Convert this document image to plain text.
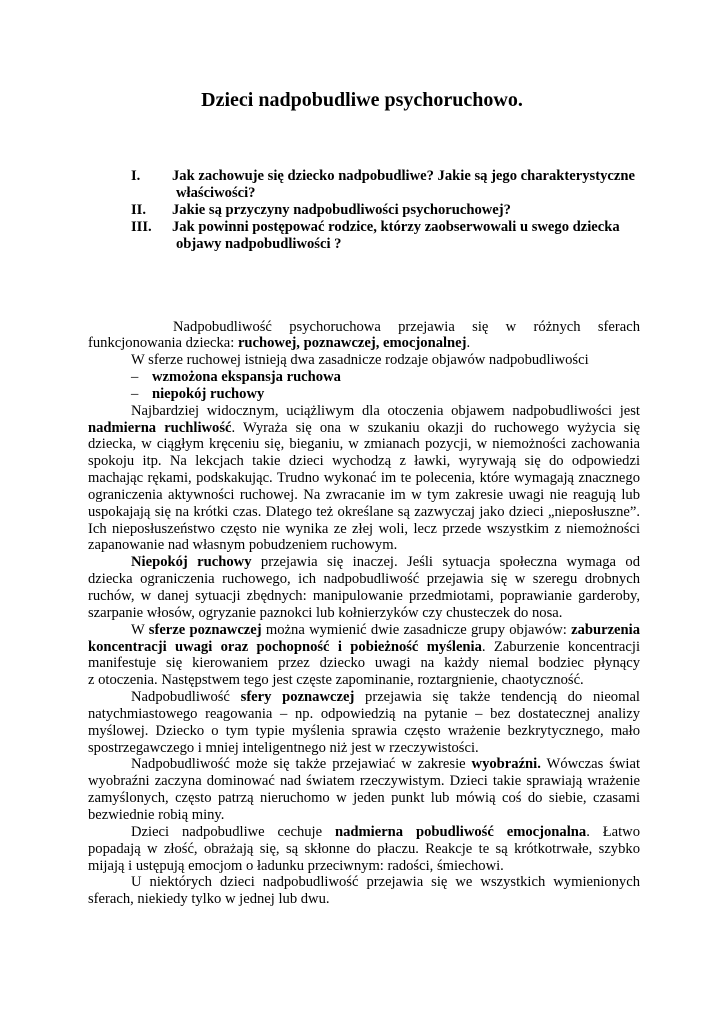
Dzieci nadpobudliwe psychoruchowo.
I. Jak zachowuje się dziecko nadpobudliwe? Jakie są jego charakterystyczne
właściwości?
II. Jakie są przyczyny nadpobudliwości psychoruchowej?
III. Jak powinni postępować rodzice, którzy zaobserwowali u swego dziecka
objawy nadpobudliwości ?
Nadpobudliwość psychoruchowa przejawia się w różnych sferach
funkcjonowania dziecka: ruchowej, poznawczej, emocjonalnej.
W sferze ruchowej istnieją dwa zasadnicze rodzaje objawów nadpobudliwości
– wzmożona ekspansja ruchowa
– niepokój ruchowy
Najbardziej widocznym, uciążliwym dla otoczenia objawem nadpobudliwości jest
nadmierna ruchliwość. Wyraża się ona w szukaniu okazji do ruchowego wyżycia się
dziecka, w ciągłym kręceniu się, bieganiu, w zmianach pozycji, w niemożności zachowania
spokoju itp. Na lekcjach takie dzieci wychodzą z ławki, wyrywają się do odpowiedzi
machając rękami, podskakując. Trudno wykonać im te polecenia, które wymagają znacznego
ograniczenia aktywności ruchowej. Na zwracanie im w tym zakresie uwagi nie reagują lub
uspokajają się na krótki czas. Dlatego też określane są zazwyczaj jako dzieci „nieposłuszne”.
Ich nieposłuszeństwo często nie wynika ze złej woli, lecz przede wszystkim z niemożności
zapanowanie nad własnym pobudzeniem ruchowym.
Niepokój ruchowy przejawia się inaczej. Jeśli sytuacja społeczna wymaga od
dziecka ograniczenia ruchowego, ich nadpobudliwość przejawia się w szeregu drobnych
ruchów, w danej sytuacji zbędnych: manipulowanie przedmiotami, poprawianie garderoby,
szarpanie włosów, ogryzanie paznokci lub kołnierzyków czy chusteczek do nosa.
W sferze poznawczej można wymienić dwie zasadnicze grupy objawów: zaburzenia
koncentracji uwagi oraz pochopność i pobieżność myślenia. Zaburzenie koncentracji
manifestuje się kierowaniem przez dziecko uwagi na każdy niemal bodziec płynący
z otoczenia. Następstwem tego jest częste zapominanie, roztargnienie, chaotyczność.
Nadpobudliwość sfery poznawczej przejawia się także tendencją do nieomal
natychmiastowego reagowania – np. odpowiedzią na pytanie – bez dostatecznej analizy
myślowej. Dziecko o tym typie myślenia sprawia często wrażenie bezkrytycznego, mało
spostrzegawczego i mniej inteligentnego niż jest w rzeczywistości.
Nadpobudliwość może się także przejawiać w zakresie wyobraźni. Wówczas świat
wyobraźni zaczyna dominować nad światem rzeczywistym. Dzieci takie sprawiają wrażenie
zamyślonych, często patrzą nieruchomo w jeden punkt lub mówią coś do siebie, czasami
bezwiednie robią miny.
Dzieci nadpobudliwe cechuje nadmierna pobudliwość emocjonalna. Łatwo
popadają w złość, obrażają się, są skłonne do płaczu. Reakcje te są krótkotrwałe, szybko
mijają i ustępują emocjom o ładunku przeciwnym: radości, śmiechowi.
U niektórych dzieci nadpobudliwość przejawia się we wszystkich wymienionych
sferach, niekiedy tylko w jednej lub dwu.
